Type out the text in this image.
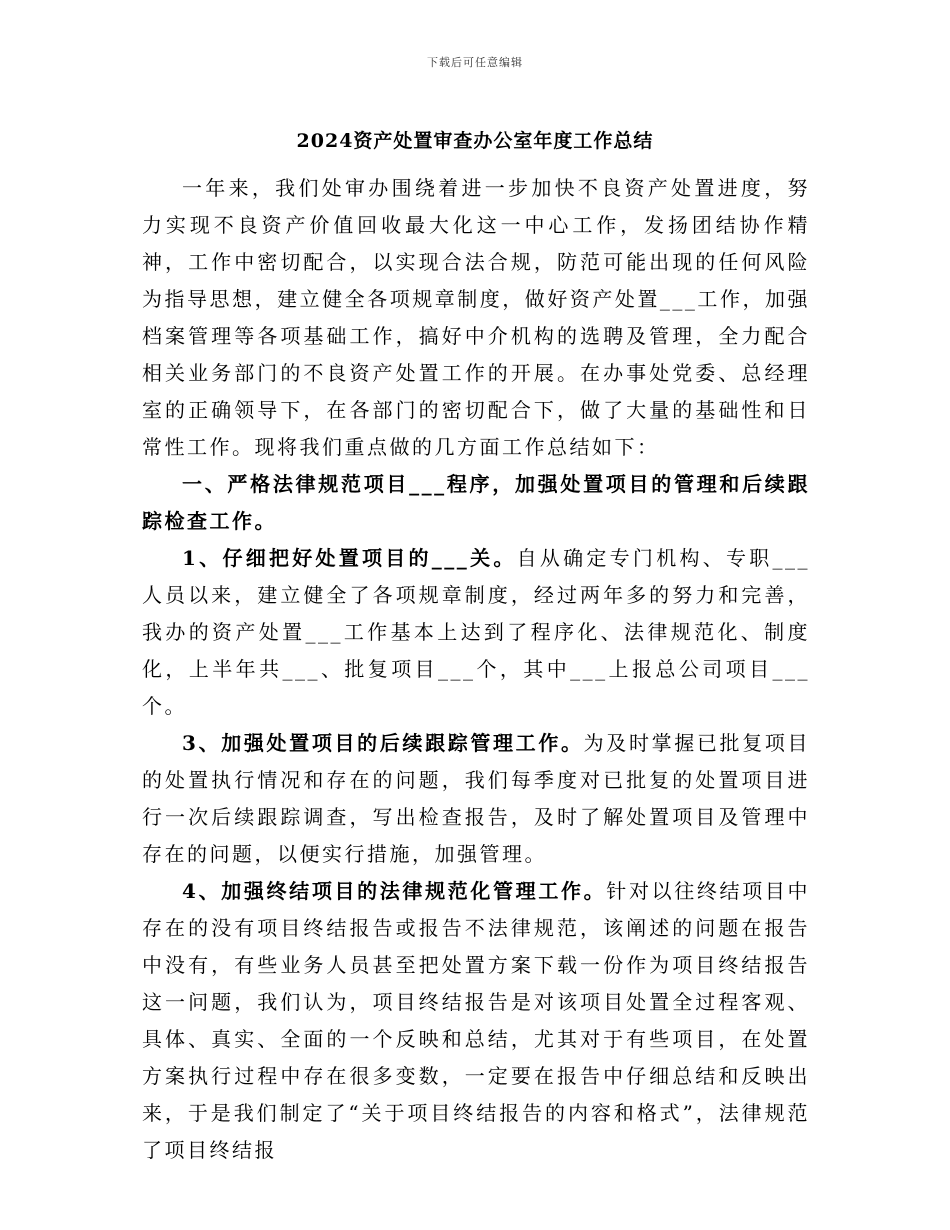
下载后可任意编辑
2024资产处置审查办公室年度工作总结

一年来，我们处审办围绕着进一步加快不良资产处置进度，努力实现不良资产价值回收最大化这一中心工作，发扬团结协作精神，工作中密切配合，以实现合法合规，防范可能出现的任何风险为指导思想，建立健全各项规章制度，做好资产处置___工作，加强档案管理等各项基础工作，搞好中介机构的选聘及管理，全力配合相关业务部门的不良资产处置工作的开展。在办事处党委、总经理室的正确领导下，在各部门的密切配合下，做了大量的基础性和日常性工作。现将我们重点做的几方面工作总结如下：

一、严格法律规范项目___程序，加强处置项目的管理和后续跟踪检查工作。

1、仔细把好处置项目的___关。自从确定专门机构、专职___人员以来，建立健全了各项规章制度，经过两年多的努力和完善，我办的资产处置___工作基本上达到了程序化、法律规范化、制度化，上半年共___、批复项目___个，其中___上报总公司项目___个。

3、加强处置项目的后续跟踪管理工作。为及时掌握已批复项目的处置执行情况和存在的问题，我们每季度对已批复的处置项目进行一次后续跟踪调查，写出检查报告，及时了解处置项目及管理中存在的问题，以便实行措施，加强管理。

4、加强终结项目的法律规范化管理工作。针对以往终结项目中存在的没有项目终结报告或报告不法律规范，该阐述的问题在报告中没有，有些业务人员甚至把处置方案下载一份作为项目终结报告这一问题，我们认为，项目终结报告是对该项目处置全过程客观、具体、真实、全面的一个反映和总结，尤其对于有些项目，在处置方案执行过程中存在很多变数，一定要在报告中仔细总结和反映出来，于是我们制定了“关于项目终结报告的内容和格式”，法律规范了项目终结报
